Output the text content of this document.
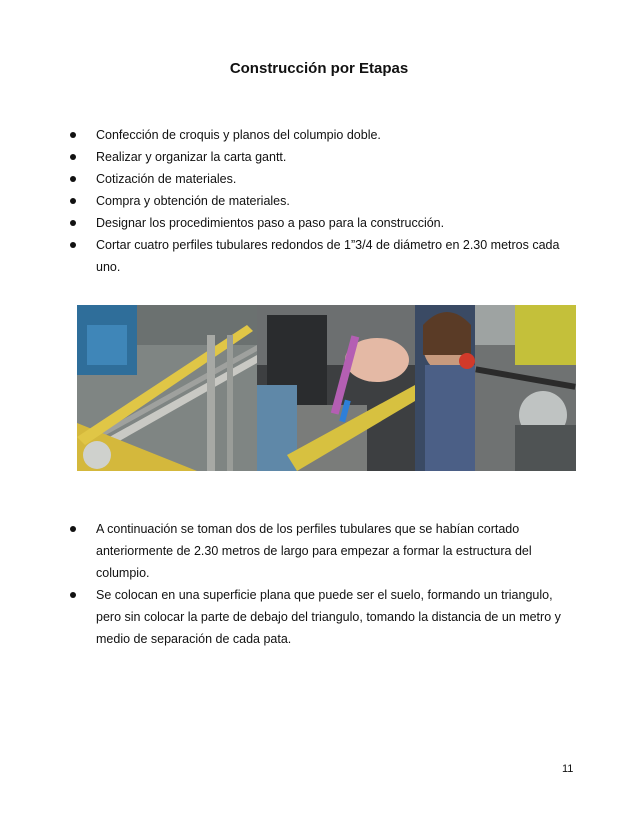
Construcción por Etapas
Confección de croquis y planos del columpio doble.
Realizar y organizar la carta gantt.
Cotización de materiales.
Compra y obtención de materiales.
Designar los procedimientos paso a paso para la construcción.
Cortar cuatro perfiles tubulares redondos de 1”3/4 de diámetro en 2.30 metros cada uno.
A continuación se toman dos de los perfiles tubulares que se habían cortado anteriormente de 2.30 metros de largo para empezar a formar la estructura del columpio.
Se colocan en una superficie plana que puede ser el suelo, formando un triangulo, pero sin colocar la parte de debajo del triangulo, tomando la distancia de un metro y medio de separación de cada pata.
11
